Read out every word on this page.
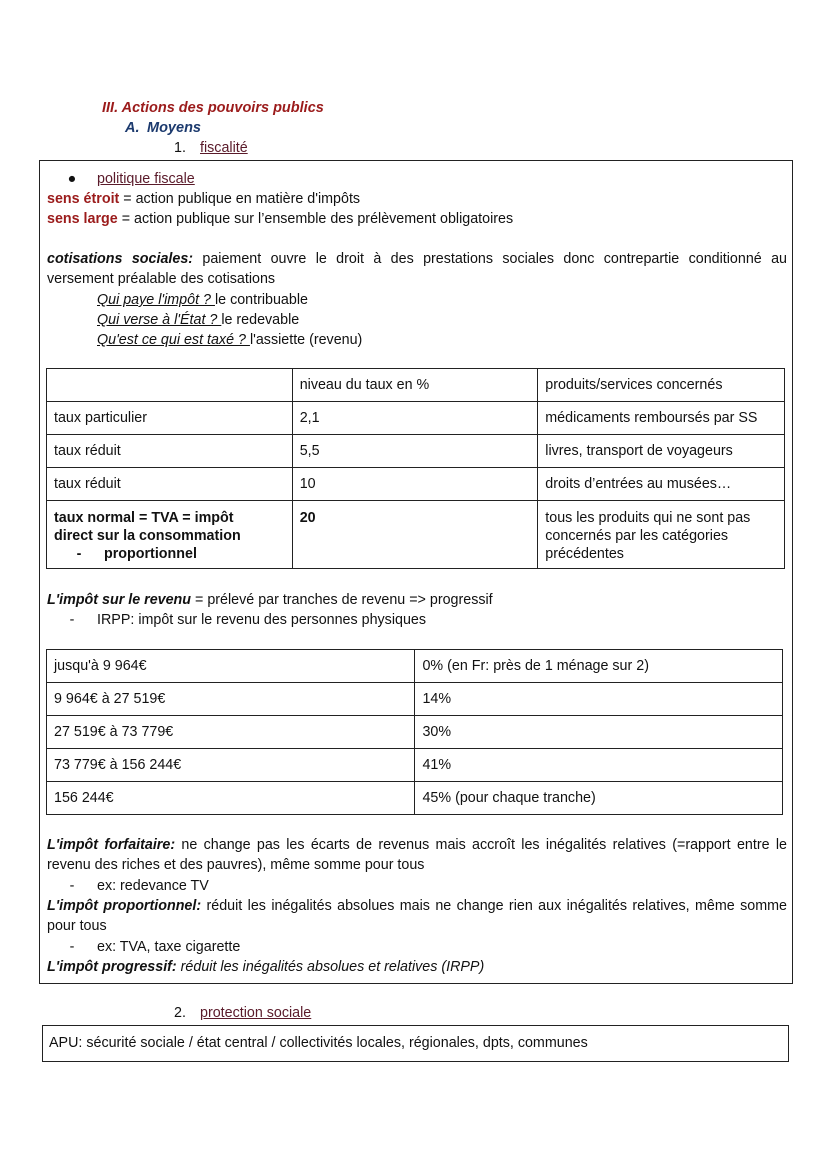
III. Actions des pouvoirs publics
A. Moyens
1. fiscalité
● politique fiscale
sens étroit = action publique en matière d'impôts
sens large = action publique sur l’ensemble des prélèvement obligatoires
cotisations sociales: paiement ouvre le droit à des prestations sociales donc contrepartie conditionné au versement préalable des cotisations
Qui paye l'impôt ? le contribuable
Qui verse à l'État ? le redevable
Qu'est ce qui est taxé ? l'assiette (revenu)
	niveau du taux en %	produits/services concernés
taux particulier	2,1	médicaments remboursés par SS
taux réduit	5,5	livres, transport de voyageurs
taux réduit	10	droits d’entrées au musées…

taux normal = TVA = impôt
direct sur la consommation
- proportionnel	20	tous les produits qui ne sont pas concernés par les catégories précédentes
L'impôt sur le revenu = prélevé par tranches de revenu => progressif
- IRPP: impôt sur le revenu des personnes physiques
jusqu'à 9 964€	0% (en Fr: près de 1 ménage sur 2)
9 964€ à 27 519€	14%
27 519€ à 73 779€	30%
73 779€ à 156 244€	41%
156 244€	45% (pour chaque tranche)
L'impôt forfaitaire: ne change pas les écarts de revenus mais accroît les inégalités relatives (=rapport entre le revenu des riches et des pauvres), même somme pour tous
- ex: redevance TV
L'impôt proportionnel: réduit les inégalités absolues mais ne change rien aux inégalités relatives, même somme pour tous
- ex: TVA, taxe cigarette
L'impôt progressif: réduit les inégalités absolues et relatives (IRPP)
2. protection sociale
APU: sécurité sociale / état central / collectivités locales, régionales, dpts, communes
